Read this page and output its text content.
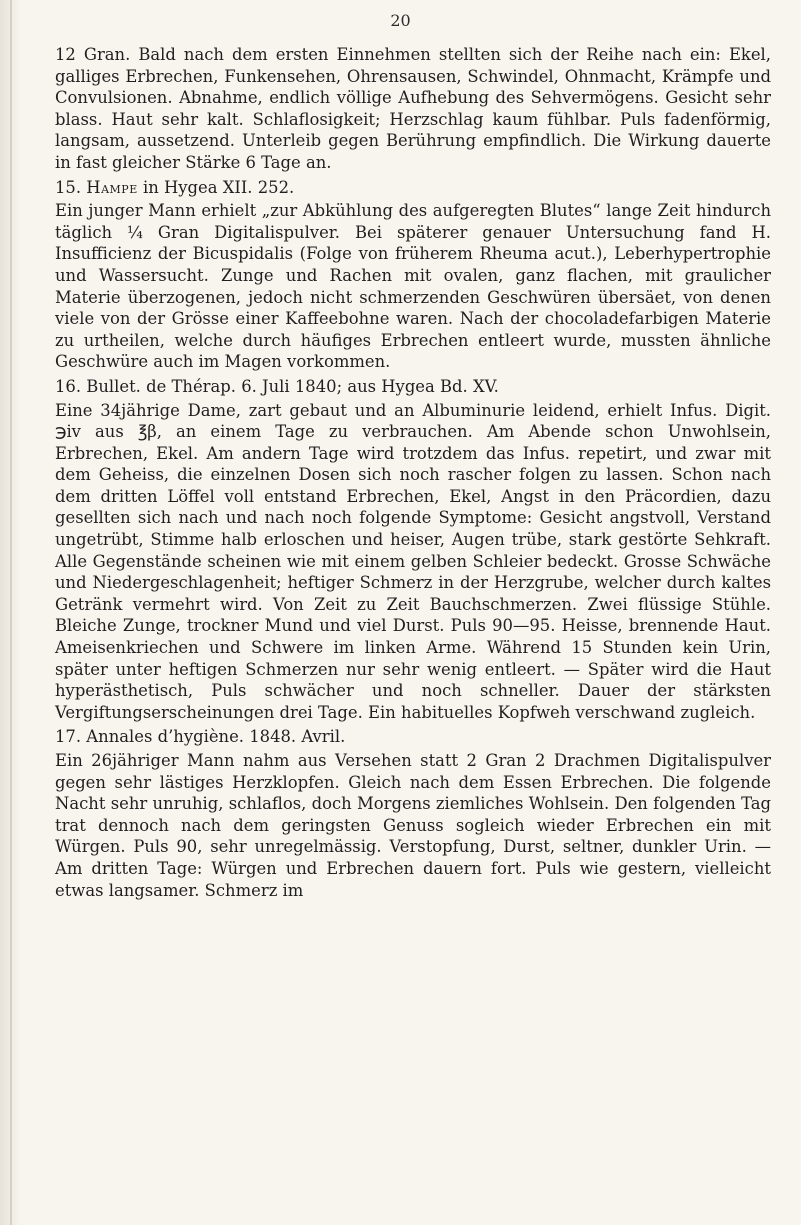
20

12 Gran. Bald nach dem ersten Einnehmen stellten sich der Reihe nach ein: Ekel, galliges Erbrechen, Funkensehen, Ohrensausen, Schwindel, Ohnmacht, Krämpfe und Convulsionen. Abnahme, endlich völlige Aufhebung des Sehvermögens. Gesicht sehr blass. Haut sehr kalt. Schlaflosigkeit; Herzschlag kaum fühlbar. Puls fadenförmig, langsam, aussetzend. Unterleib gegen Berührung empfindlich. Die Wirkung dauerte in fast gleicher Stärke 6 Tage an.

15. Hampe in Hygea XII. 252.

Ein junger Mann erhielt „zur Abkühlung des aufgeregten Blutes“ lange Zeit hindurch täglich ¼ Gran Digitalispulver. Bei späterer genauer Untersuchung fand H. Insufficienz der Bicuspidalis (Folge von früherem Rheuma acut.), Leberhypertrophie und Wassersucht. Zunge und Rachen mit ovalen, ganz flachen, mit graulicher Materie überzogenen, jedoch nicht schmerzenden Geschwüren übersäet, von denen viele von der Grösse einer Kaffeebohne waren. Nach der chocoladefarbigen Materie zu urtheilen, welche durch häufiges Erbrechen entleert wurde, mussten ähnliche Geschwüre auch im Magen vorkommen.

16. Bullet. de Thérap. 6. Juli 1840; aus Hygea Bd. XV.

Eine 34jährige Dame, zart gebaut und an Albuminurie leidend, erhielt Infus. Digit. ℈iv aus ℥β, an einem Tage zu verbrauchen. Am Abende schon Unwohlsein, Erbrechen, Ekel. Am andern Tage wird trotzdem das Infus. repetirt, und zwar mit dem Geheiss, die einzelnen Dosen sich noch rascher folgen zu lassen. Schon nach dem dritten Löffel voll entstand Erbrechen, Ekel, Angst in den Präcordien, dazu gesellten sich nach und nach noch folgende Symptome: Gesicht angstvoll, Verstand ungetrübt, Stimme halb erloschen und heiser, Augen trübe, stark gestörte Sehkraft. Alle Gegenstände scheinen wie mit einem gelben Schleier bedeckt. Grosse Schwäche und Niedergeschlagenheit; heftiger Schmerz in der Herzgrube, welcher durch kaltes Getränk vermehrt wird. Von Zeit zu Zeit Bauchschmerzen. Zwei flüssige Stühle. Bleiche Zunge, trockner Mund und viel Durst. Puls 90—95. Heisse, brennende Haut. Ameisenkriechen und Schwere im linken Arme. Während 15 Stunden kein Urin, später unter heftigen Schmerzen nur sehr wenig entleert. — Später wird die Haut hyperästhetisch, Puls schwächer und noch schneller. Dauer der stärksten Vergiftungserscheinungen drei Tage. Ein habituelles Kopfweh verschwand zugleich.

17. Annales d’hygiène. 1848. Avril.

Ein 26jähriger Mann nahm aus Versehen statt 2 Gran 2 Drachmen Digitalispulver gegen sehr lästiges Herzklopfen. Gleich nach dem Essen Erbrechen. Die folgende Nacht sehr unruhig, schlaflos, doch Morgens ziemliches Wohlsein. Den folgenden Tag trat dennoch nach dem geringsten Genuss sogleich wieder Erbrechen ein mit Würgen. Puls 90, sehr unregelmässig. Verstopfung, Durst, seltner, dunkler Urin. — Am dritten Tage: Würgen und Erbrechen dauern fort. Puls wie gestern, vielleicht etwas langsamer. Schmerz im
